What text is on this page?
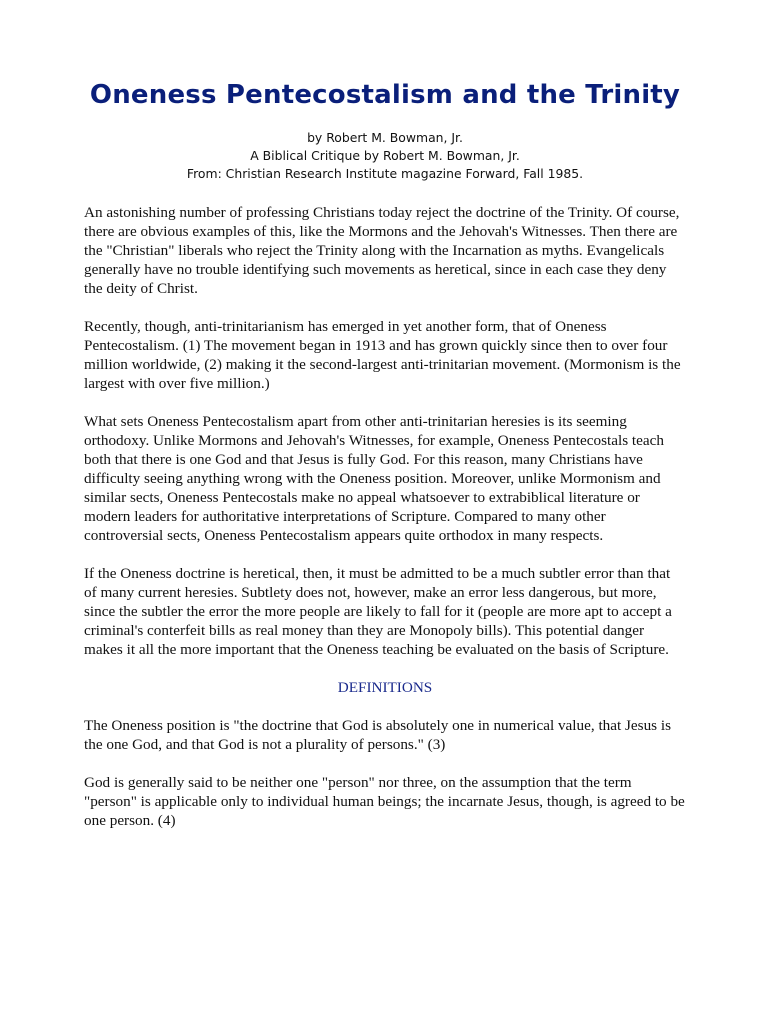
Oneness Pentecostalism and the Trinity
by Robert M. Bowman, Jr.
A Biblical Critique by Robert M. Bowman, Jr.
From: Christian Research Institute magazine Forward, Fall 1985.

An astonishing number of professing Christians today reject the doctrine of the Trinity. Of course, there are obvious examples of this, like the Mormons and the Jehovah's Witnesses. Then there are the "Christian" liberals who reject the Trinity along with the Incarnation as myths. Evangelicals generally have no trouble identifying such movements as heretical, since in each case they deny the deity of Christ.

Recently, though, anti-trinitarianism has emerged in yet another form, that of Oneness Pentecostalism. (1) The movement began in 1913 and has grown quickly since then to over four million worldwide, (2) making it the second-largest anti-trinitarian movement. (Mormonism is the largest with over five million.)

What sets Oneness Pentecostalism apart from other anti-trinitarian heresies is its seeming orthodoxy. Unlike Mormons and Jehovah's Witnesses, for example, Oneness Pentecostals teach both that there is one God and that Jesus is fully God. For this reason, many Christians have difficulty seeing anything wrong with the Oneness position. Moreover, unlike Mormonism and similar sects, Oneness Pentecostals make no appeal whatsoever to extrabiblical literature or modern leaders for authoritative interpretations of Scripture. Compared to many other controversial sects, Oneness Pentecostalism appears quite orthodox in many respects.

If the Oneness doctrine is heretical, then, it must be admitted to be a much subtler error than that of many current heresies. Subtlety does not, however, make an error less dangerous, but more, since the subtler the error the more people are likely to fall for it (people are more apt to accept a criminal's conterfeit bills as real money than they are Monopoly bills). This potential danger makes it all the more important that the Oneness teaching be evaluated on the basis of Scripture.

DEFINITIONS

The Oneness position is "the doctrine that God is absolutely one in numerical value, that Jesus is the one God, and that God is not a plurality of persons." (3)

God is generally said to be neither one "person" nor three, on the assumption that the term "person" is applicable only to individual human beings; the incarnate Jesus, though, is agreed to be one person. (4)
